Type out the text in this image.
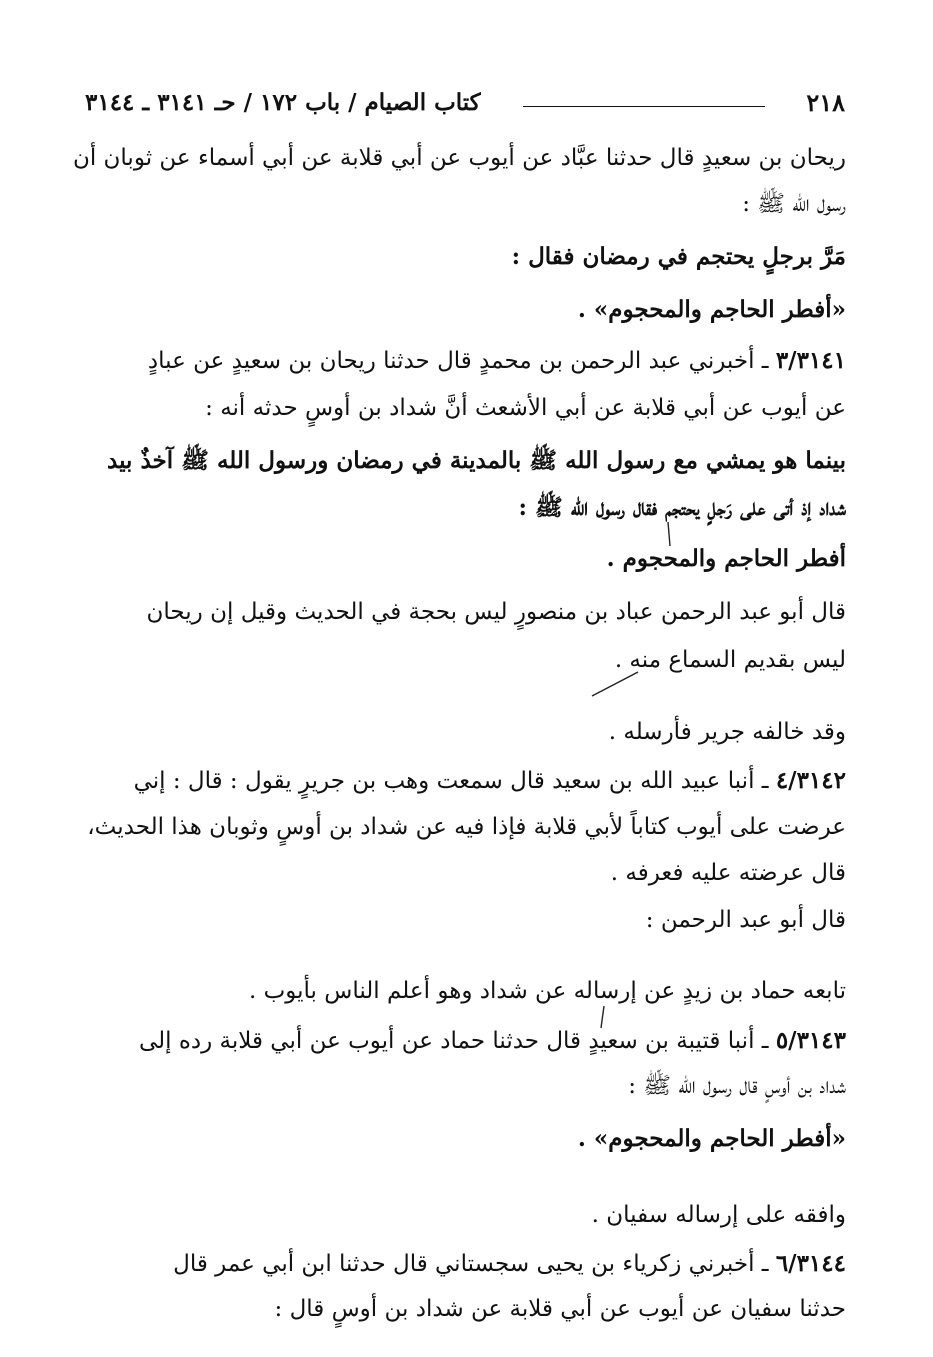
٢١٨
كتاب الصيام / باب ١٧٢ / حـ ٣١٤١ ـ ٣١٤٤
ريحان بن سعيدٍ قال حدثنا عبَّاد عن أيوب عن أبي قلابة عن أبي أسماء عن ثوبان أن
رسول الله ﷺ :
مَرَّ برجلٍ يحتجم في رمضان فقال :
«أفطر الحاجم والمحجوم» .
٣/٣١٤١ ـ أخبرني عبد الرحمن بن محمدٍ قال حدثنا ريحان بن سعيدٍ عن عبادٍ
عن أيوب عن أبي قلابة عن أبي الأشعث أنَّ شداد بن أوسٍ حدثه أنه :
بينما هو يمشي مع رسول الله ﷺ بالمدينة في رمضان ورسول الله ﷺ آخذٌ بيد
شداد إذ أتى على رَجلٍ يحتجم فقال رسول الله ﷺ :
أفطر الحاجم والمحجوم .
قال أبو عبد الرحمن عباد بن منصورٍ ليس بحجة في الحديث وقيل إن ريحان
ليس بقديم السماع منه .
وقد خالفه جرير فأرسله .
٤/٣١٤٢ ـ أنبا عبيد الله بن سعيد قال سمعت وهب بن جريرٍ يقول : قال : إني
عرضت على أيوب كتاباً لأبي قلابة فإذا فيه عن شداد بن أوسٍ وثوبان هذا الحديث،
قال عرضته عليه فعرفه .
قال أبو عبد الرحمن :
تابعه حماد بن زيدٍ عن إرساله عن شداد وهو أعلم الناس بأيوب .
٥/٣١٤٣ ـ أنبا قتيبة بن سعيدٍ قال حدثنا حماد عن أيوب عن أبي قلابة رده إلى
شداد بن أوسٍ قال رسول الله ﷺ :
«أفطر الحاجم والمحجوم» .
وافقه على إرساله سفيان .
٦/٣١٤٤ ـ أخبرني زكرياء بن يحيى سجستاني قال حدثنا ابن أبي عمر قال
حدثنا سفيان عن أيوب عن أبي قلابة عن شداد بن أوسٍ قال :
